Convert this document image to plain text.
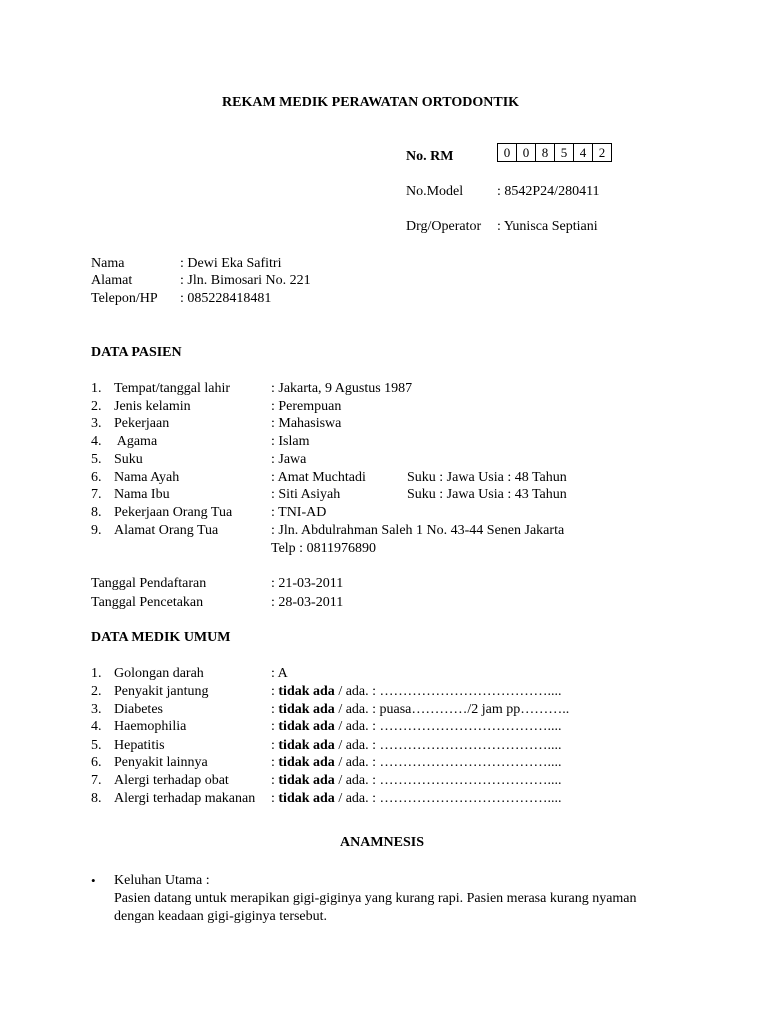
REKAM MEDIK PERAWATAN ORTODONTIK
No. RM	0 0 8 5 4 2
No.Model : 8542P24/280411
Drg/Operator : Yunisca Septiani
Nama	: Dewi Eka Safitri
Alamat	: Jln. Bimosari No. 221
Telepon/HP : 085228418481
DATA PASIEN
1. Tempat/tanggal lahir	: Jakarta, 9 Agustus 1987
2. Jenis kelamin	: Perempuan
3. Pekerjaan	: Mahasiswa
4. Agama	: Islam
5. Suku	: Jawa
6. Nama Ayah	: Amat Muchtadi	Suku : Jawa Usia : 48 Tahun
7. Nama Ibu	: Siti Asiyah	Suku : Jawa Usia : 43 Tahun
8. Pekerjaan Orang Tua	: TNI-AD
9. Alamat Orang Tua	: Jln. Abdulrahman Saleh 1 No. 43-44 Senen Jakarta
Telp : 0811976890
Tanggal Pendaftaran	: 21-03-2011
Tanggal Pencetakan	: 28-03-2011
DATA MEDIK UMUM
1. Golongan darah	: A
2. Penyakit jantung	: tidak ada / ada. : ………………………………....
3. Diabetes	: tidak ada / ada. : puasa…………/2 jam pp………..
4. Haemophilia	: tidak ada / ada. : ………………………………....
5. Hepatitis	: tidak ada / ada. : ………………………………....
6. Penyakit lainnya	: tidak ada / ada. : ………………………………....
7. Alergi terhadap obat	: tidak ada / ada. : ………………………………....
8. Alergi terhadap makanan : tidak ada / ada. : ………………………………....
ANAMNESIS
• Keluhan Utama :
Pasien datang untuk merapikan gigi-giginya yang kurang rapi. Pasien merasa kurang nyaman
dengan keadaan gigi-giginya tersebut.
